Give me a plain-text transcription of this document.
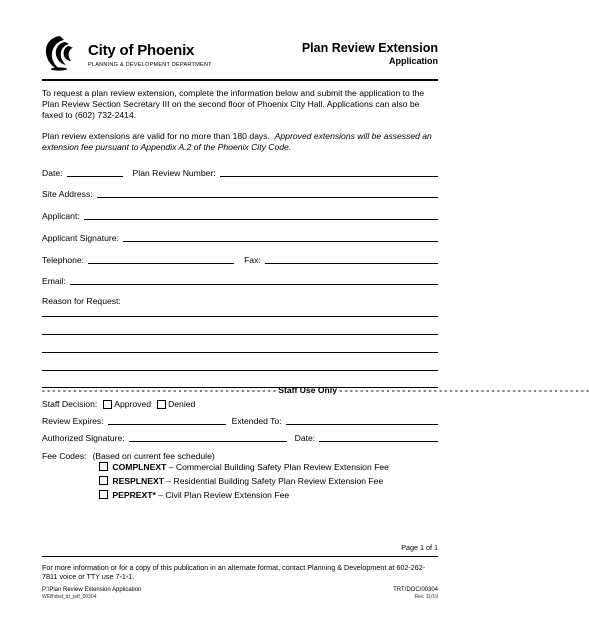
City of Phoenix
PLANNING & DEVELOPMENT DEPARTMENT
Plan Review Extension
Application
To request a plan review extension, complete the information below and submit the application to the Plan Review Section Secretary III on the second floor of Phoenix City Hall. Applications can also be faxed to (602) 732-2414.
Plan review extensions are valid for no more than 180 days. Approved extensions will be assessed an extension fee pursuant to Appendix A.2 of the Phoenix City Code.
Date:	Plan Review Number:
Site Address:
Applicant:
Applicant Signature:
Telephone:	Fax:
Email:
Reason for Request:
- - - - - - - - - - - - - - - - - - - - - - - - - - - - - - - - - - - - - - - - - - - - - Staff Use Only - - - - - - - - - - - - - - - - - - - - - - - - - - - - - - - - - - - - - - - - - - - - - - - -
Staff Decision: Approved Denied
Review Expires:	Extended To:
Authorized Signature:	Date:
Fee Codes: (Based on current fee schedule)
COMPLNEXT – Commercial Building Safety Plan Review Extension Fee
RESPLNEXT – Residential Building Safety Plan Review Extension Fee
PEPREXT* – Civil Plan Review Extension Fee
Page 1 of 1
For more information or for a copy of this publication in an alternate format, contact Planning & Development at 602-262-7811 voice or TTY use 7-1-1.
P:\Plan Review Extension Application
WEB\dsd_trt_pdf_00304
TRT/DOC/00304
Rev. 11/19
